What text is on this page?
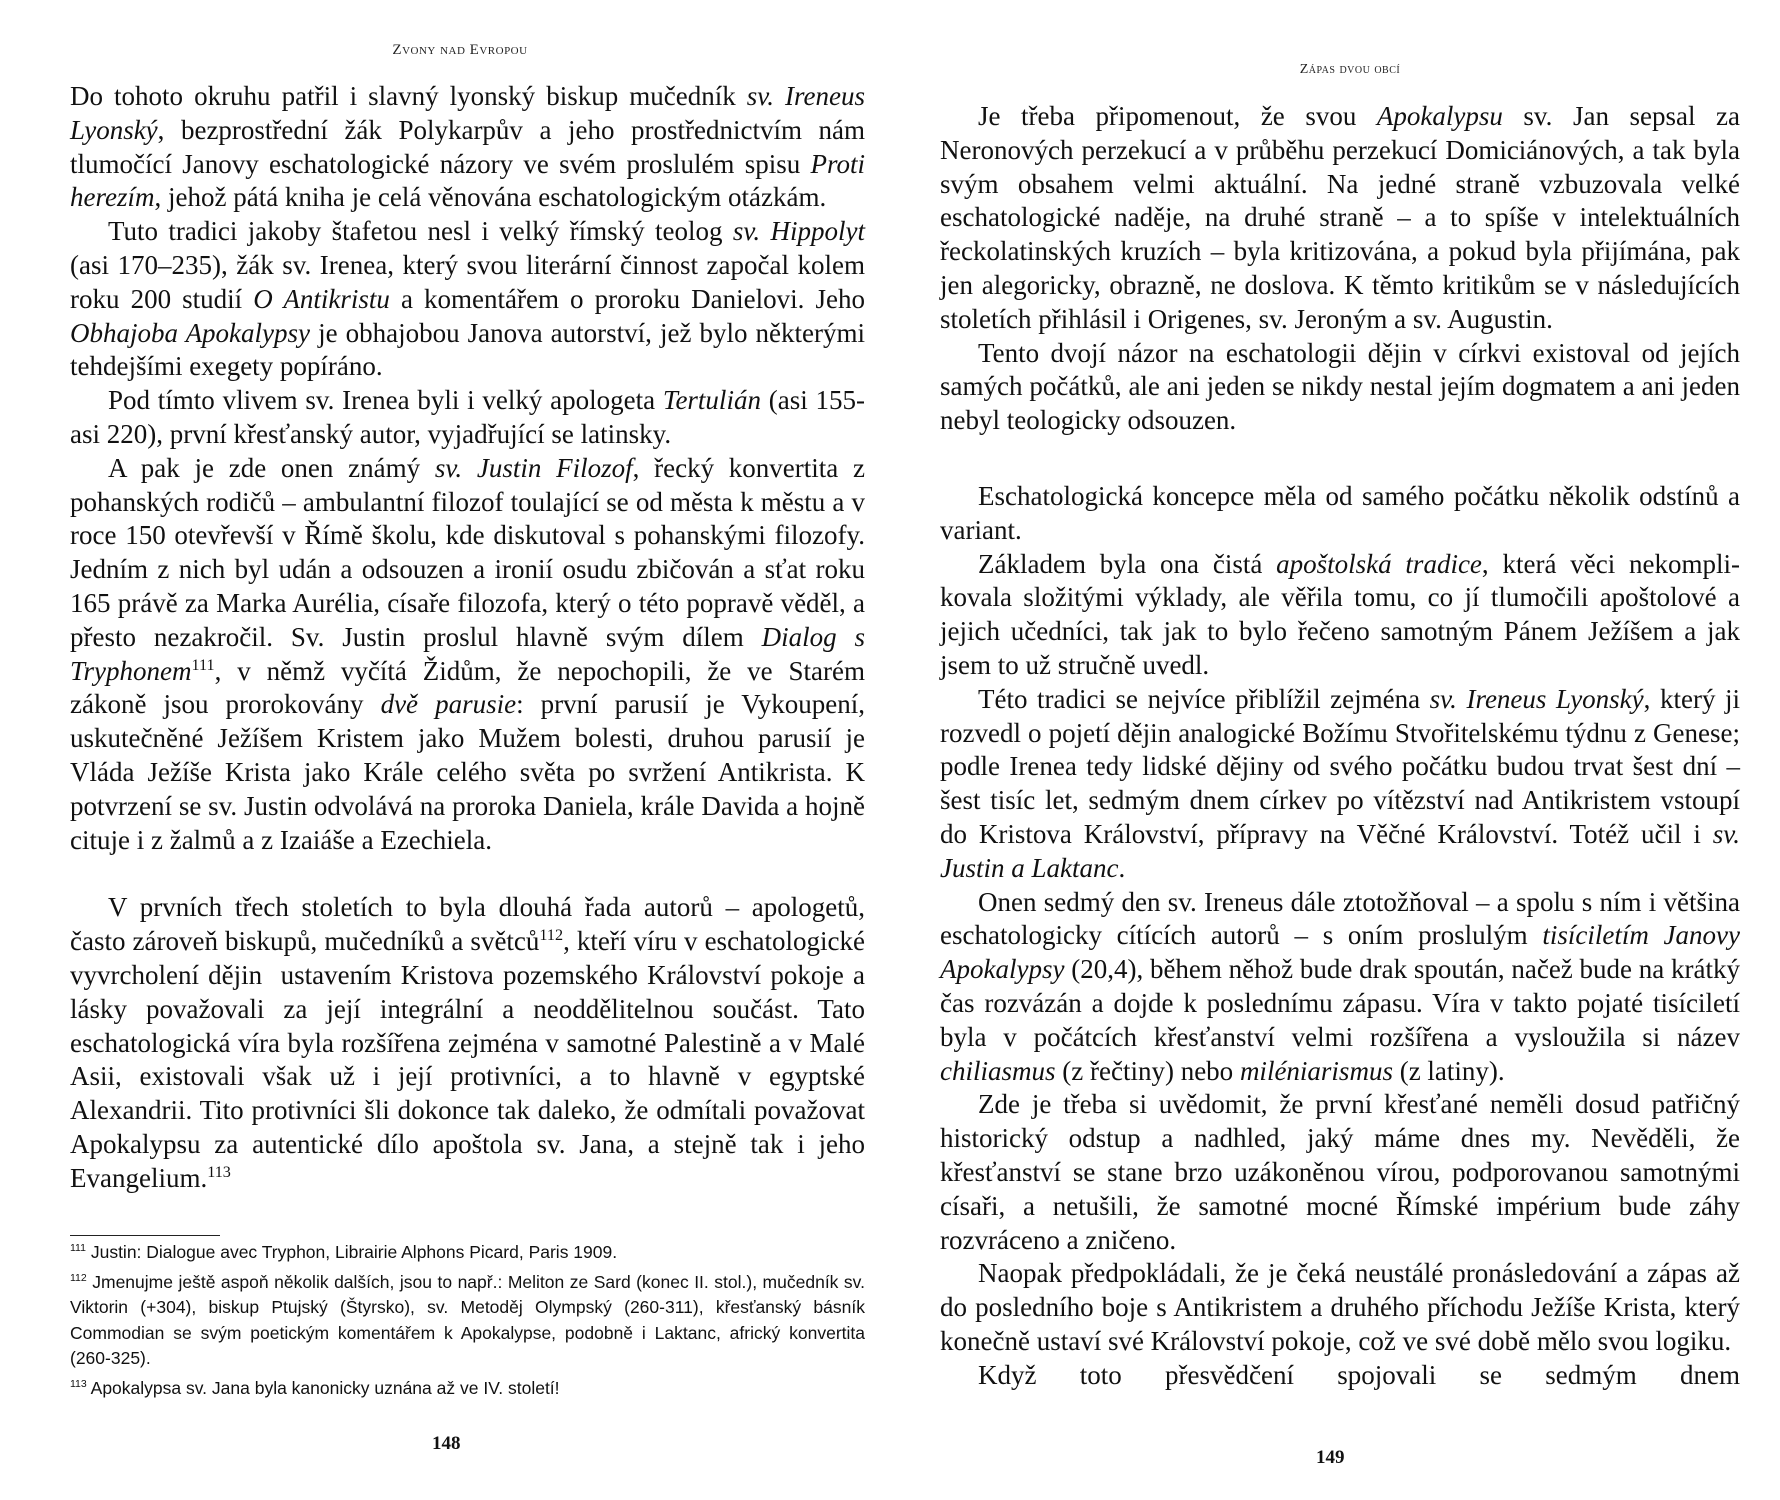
Zvony nad Evropou

Do tohoto okruhu patřil i slavný lyonský biskup mučedník sv. Ireneus Lyonský, bezprostřední žák Polykarpův a jeho prostřednictvím nám tlumočící Janovy eschatologické názory ve svém proslulém spisu Proti herezím, jehož pátá kniha je celá věnována eschatologickým otázkám.

Tuto tradici jakoby štafetou nesl i velký římský teolog sv. Hippolyt (asi 170–235), žák sv. Irenea, který svou literární činnost započal kolem roku 200 studií O Antikristu a komentářem o proroku Danielovi. Jeho Obhajoba Apokalypsy je obhajobou Janova autorství, jež bylo některými tehdejšími exegety popíráno.

Pod tímto vlivem sv. Irenea byli i velký apologeta Tertulián (asi 155-asi 220), první křesťanský autor, vyjadřující se latinsky.

A pak je zde onen známý sv. Justin Filozof, řecký konvertita z pohanských rodičů – ambulantní filozof toulající se od města k městu a v roce 150 otevřevší v Římě školu, kde diskutoval s pohanskými filozofy. Jedním z nich byl udán a odsouzen a ironií osudu zbičován a sťat roku 165 právě za Marka Aurélia, císaře filozofa, který o této popravě věděl, a přesto nezakročil. Sv. Justin proslul hlavně svým dílem Dialog s Tryphonem$^{111}$, v němž vyčítá Židům, že nepochopili, že ve Starém zákoně jsou prorokovány dvě parusie: první parusií je Vykoupení, uskutečněné Ježíšem Kristem jako Mužem bolesti, druhou parusií je Vláda Ježíše Krista jako Krále celého světa po svržení Antikrista. K potvrzení se sv. Justin odvolává na proroka Daniela, krále Davida a hojně cituje i z žalmů a z Izaiáše a Ezechiela.

V prvních třech stoletích to byla dlouhá řada autorů – apologetů, často zároveň biskupů, mučedníků a světců$^{112}$, kteří víru v eschatologické vyvrcholení dějin  ustavením Kristova pozemského Království pokoje a lásky považovali za její integrální a neoddělitelnou součást. Tato eschatologická víra byla rozšířena zejména v samotné Palestině a v Malé Asii, existovali však už i její protivníci, a to hlavně v egyptské Alexandrii. Tito protivníci šli dokonce tak daleko, že odmítali považovat Apokalypsu za autentické dílo apoštola sv. Jana, a stejně tak i jeho Evangelium.$^{113}$

$^{111}$ Justin: Dialogue avec Tryphon, Librairie Alphons Picard, Paris 1909.

$^{112}$ Jmenujme ještě aspoň několik dalších, jsou to např.: Meliton ze Sard (konec II. stol.), mučedník sv. Viktorin (+304), biskup Ptujský (Štyrsko), sv. Metoděj Olympský (260-311), křesťanský básník Commodian se svým poetickým komentářem k Apokalypse, podobně i Laktanc, africký konvertita (260-325).

$^{113}$ Apokalypsa sv. Jana byla kanonicky uznána až ve IV. století!

148
Zápas dvou obcí

Je třeba připomenout, že svou Apokalypsu sv. Jan sepsal za Neronových perzekucí a v průběhu perzekucí Domiciánových, a tak byla svým obsahem velmi aktuální. Na jedné straně vzbuzovala velké eschatologické naděje, na druhé straně – a to spíše v intelektuálních řeckolatinských kruzích – byla kritizována, a pokud byla přijímána, pak jen alegoricky, obrazně, ne doslova. K těmto kritikům se v následujících stoletích přihlásil i Origenes, sv. Jeroným a sv. Augustin.

Tento dvojí názor na eschatologii dějin v církvi existoval od jejích samých počátků, ale ani jeden se nikdy nestal jejím dogmatem a ani jeden nebyl teologicky odsouzen.

Eschatologická koncepce měla od samého počátku několik odstínů a variant.

Základem byla ona čistá apoštolská tradice, která věci nekomplikovala složitými výklady, ale věřila tomu, co jí tlumočili apoštolové a jejich učedníci, tak jak to bylo řečeno samotným Pánem Ježíšem a jak jsem to už stručně uvedl.

Této tradici se nejvíce přiblížil zejména sv. Ireneus Lyonský, který ji rozvedl o pojetí dějin analogické Božímu Stvořitelskému týdnu z Genese; podle Irenea tedy lidské dějiny od svého počátku budou trvat šest dní – šest tisíc let, sedmým dnem církev po vítězství nad Antikristem vstoupí do Kristova Království, přípravy na Věčné Království. Totéž učil i sv. Justin a Laktanc.

Onen sedmý den sv. Ireneus dále ztotožňoval – a spolu s ním i většina eschatologicky cítících autorů – s oním proslulým tisíciletím Janovy Apokalypsy (20,4), během něhož bude drak spoután, načež bude na krátký čas rozvázán a dojde k poslednímu zápasu. Víra v takto pojaté tisíciletí byla v počátcích křesťanství velmi rozšířena a vysloužila si název chiliasmus (z řečtiny) nebo miléniarismus (z latiny).

Zde je třeba si uvědomit, že první křesťané neměli dosud patřičný historický odstup a nadhled, jaký máme dnes my. Nevěděli, že křesťanství se stane brzo uzákoněnou vírou, podporovanou samotnými císaři, a netušili, že samotné mocné Římské impérium bude záhy rozvráceno a zničeno.

Naopak předpokládali, že je čeká neustálé pronásledování a zápas až do posledního boje s Antikristem a druhého příchodu Ježíše Krista, který konečně ustaví své Království pokoje, což ve své době mělo svou logiku.

Když toto přesvědčení spojovali se sedmým dnem

149
